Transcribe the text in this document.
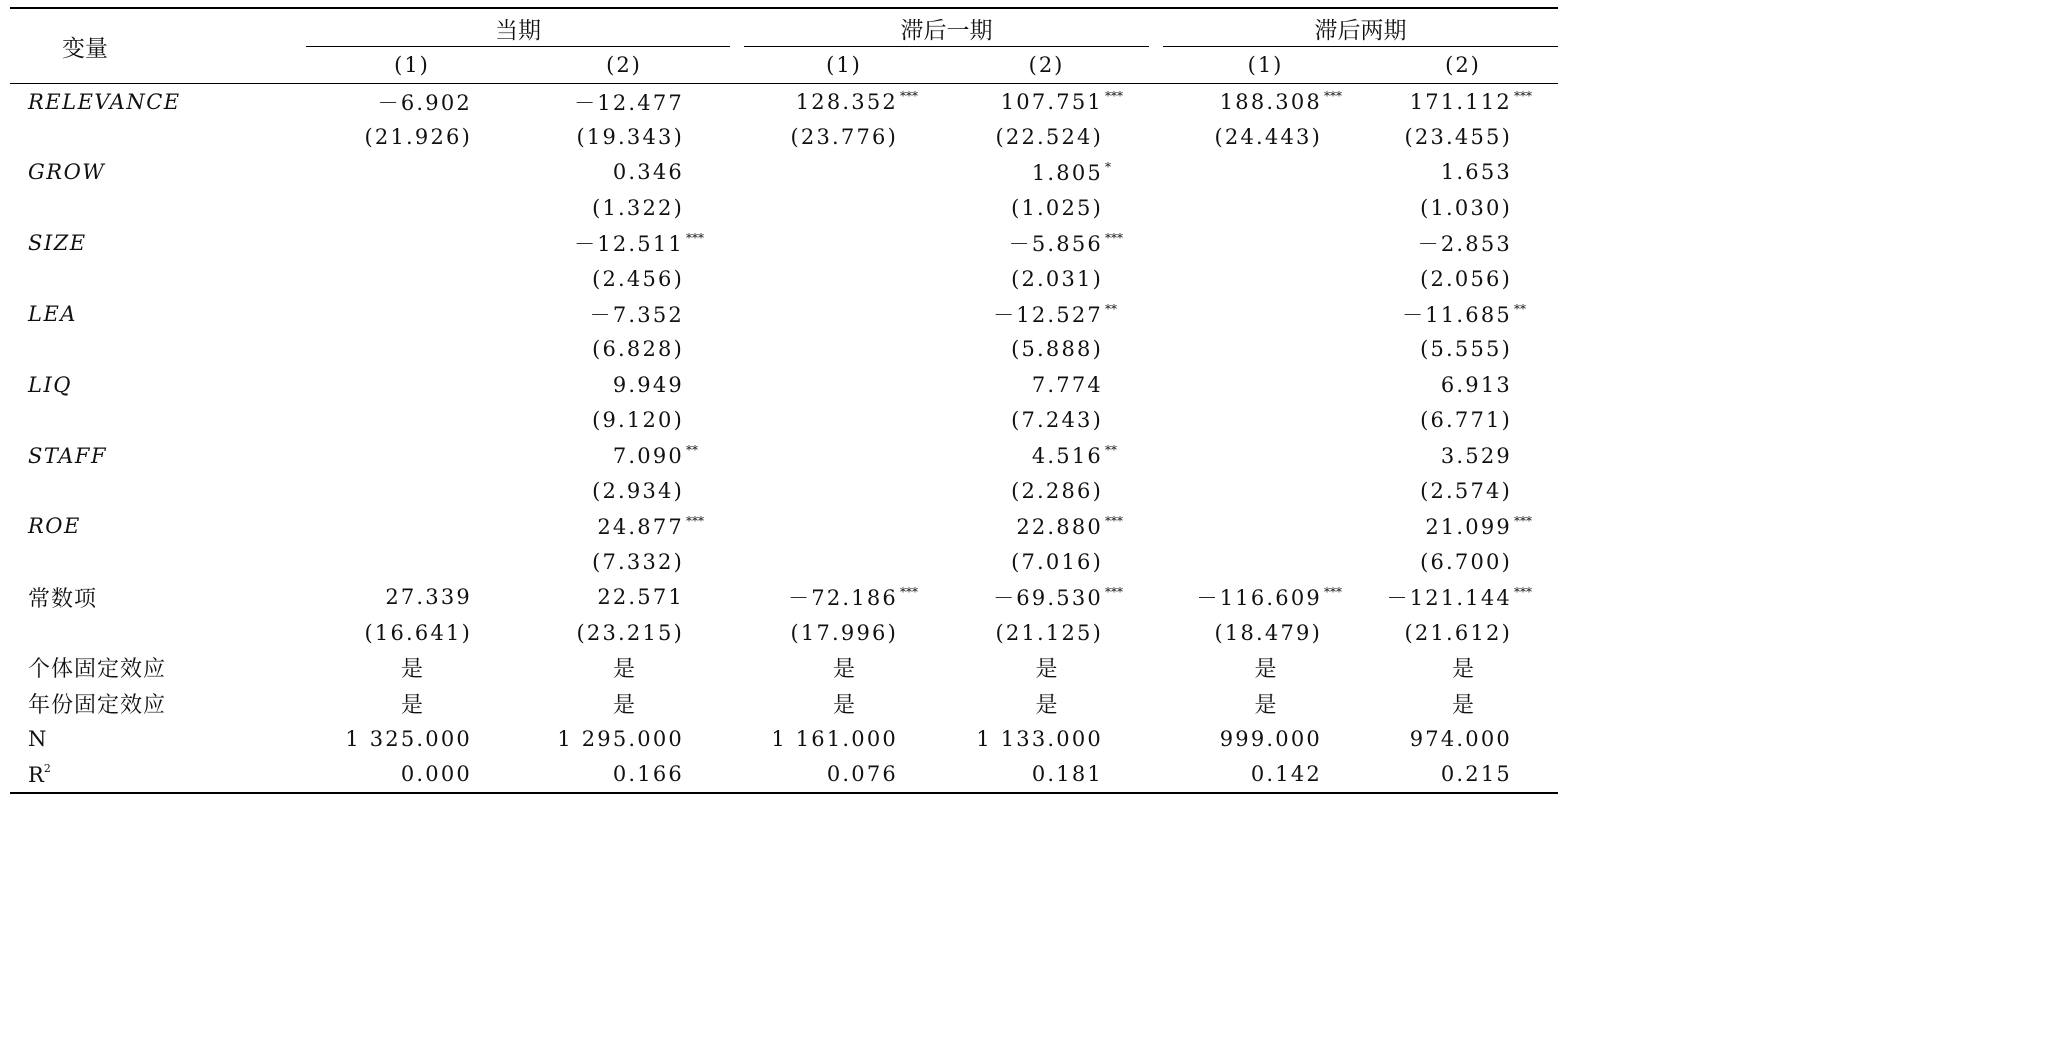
变量	当期			滞后一期			滞后两期	

	(1)	(2)		(1)	(2)		(1)	(2)
RELEVANCE	－6.902	－12.477		128.352 ***	107.751 ***		188.308 ***	171.112 ***
	(21.926)	(19.343)		(23.776)	(22.524)		(24.443)	(23.455)
GROW		0.346			1.805 *			1.653
		(1.322)			(1.025)			(1.030)
SIZE		－12.511 ***			－5.856 ***			－2.853
		(2.456)			(2.031)			(2.056)
LEA		－7.352			－12.527 **			－11.685 **
		(6.828)			(5.888)			(5.555)
LIQ		9.949			7.774			6.913
		(9.120)			(7.243)			(6.771)
STAFF		7.090 **			4.516 **			3.529
		(2.934)			(2.286)			(2.574)
ROE		24.877 ***			22.880 ***			21.099 ***
		(7.332)			(7.016)			(6.700)
常数项	27.339	22.571		－72.186 ***	－69.530 ***		－116.609 ***	－121.144 ***
	(16.641)	(23.215)		(17.996)	(21.125)		(18.479)	(21.612)
个体固定效应	是	是		是	是		是	是
年份固定效应	是	是		是	是		是	是
N	1 325.000	1 295.000		1 161.000	1 133.000		999.000	974.000
$R^2$	0.000	0.166		0.076	0.181		0.142	0.215
